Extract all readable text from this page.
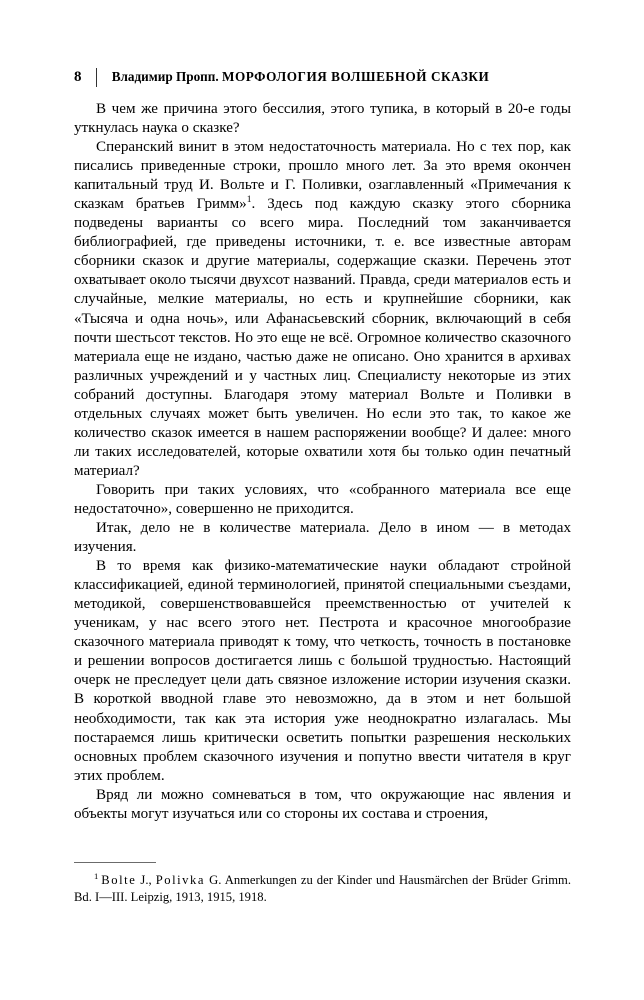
8 Владимир Пропп. МОРФОЛОГИЯ ВОЛШЕБНОЙ СКАЗКИ

В чем же причина этого бессилия, этого тупика, в который в 20-е годы уткнулась наука о сказке?

Сперанский винит в этом недостаточность материала. Но с тех пор, как писались приведенные строки, прошло много лет. За это время окончен капитальный труд И. Вольте и Г. Поливки, озаглавленный «Примечания к сказкам братьев Гримм»$^1$. Здесь под каждую сказку этого сборника подведены варианты со всего мира. Последний том заканчивается библиографией, где приведены источники, т. е. все известные авторам сборники сказок и другие материалы, содержащие сказки. Перечень этот охватывает около тысячи двухсот названий. Правда, среди материалов есть и случайные, мелкие материалы, но есть и крупнейшие сборники, как «Тысяча и одна ночь», или Афанасьевский сборник, включающий в себя почти шестьсот текстов. Но это еще не всё. Огромное количество сказочного материала еще не издано, частью даже не описано. Оно хранится в архивах различных учреждений и у частных лиц. Специалисту некоторые из этих собраний доступны. Благодаря этому материал Вольте и Поливки в отдельных случаях может быть увеличен. Но если это так, то какое же количество сказок имеется в нашем распоряжении вообще? И далее: много ли таких исследователей, которые охватили хотя бы только один печатный материал?

Говорить при таких условиях, что «собранного материала все еще недостаточно», совершенно не приходится.

Итак, дело не в количестве материала. Дело в ином — в методах изучения.

В то время как физико-математические науки обладают стройной классификацией, единой терминологией, принятой специальными съездами, методикой, совершенствовавшейся преемственностью от учителей к ученикам, у нас всего этого нет. Пестрота и красочное многообразие сказочного материала приводят к тому, что четкость, точность в постановке и решении вопросов достигается лишь с большой трудностью. Настоящий очерк не преследует цели дать связное изложение истории изучения сказки. В короткой вводной главе это невозможно, да в этом и нет большой необходимости, так как эта история уже неоднократно излагалась. Мы постараемся лишь критически осветить попытки разрешения нескольких основных проблем сказочного изучения и попутно ввести читателя в круг этих проблем.

Вряд ли можно сомневаться в том, что окружающие нас явления и объекты могут изучаться или со стороны их состава и строения,

$^1$ Bolte J., Polivka G. Anmerkungen zu der Kinder und Hausmärchen der Brüder Grimm. Bd. I—III. Leipzig, 1913, 1915, 1918.
